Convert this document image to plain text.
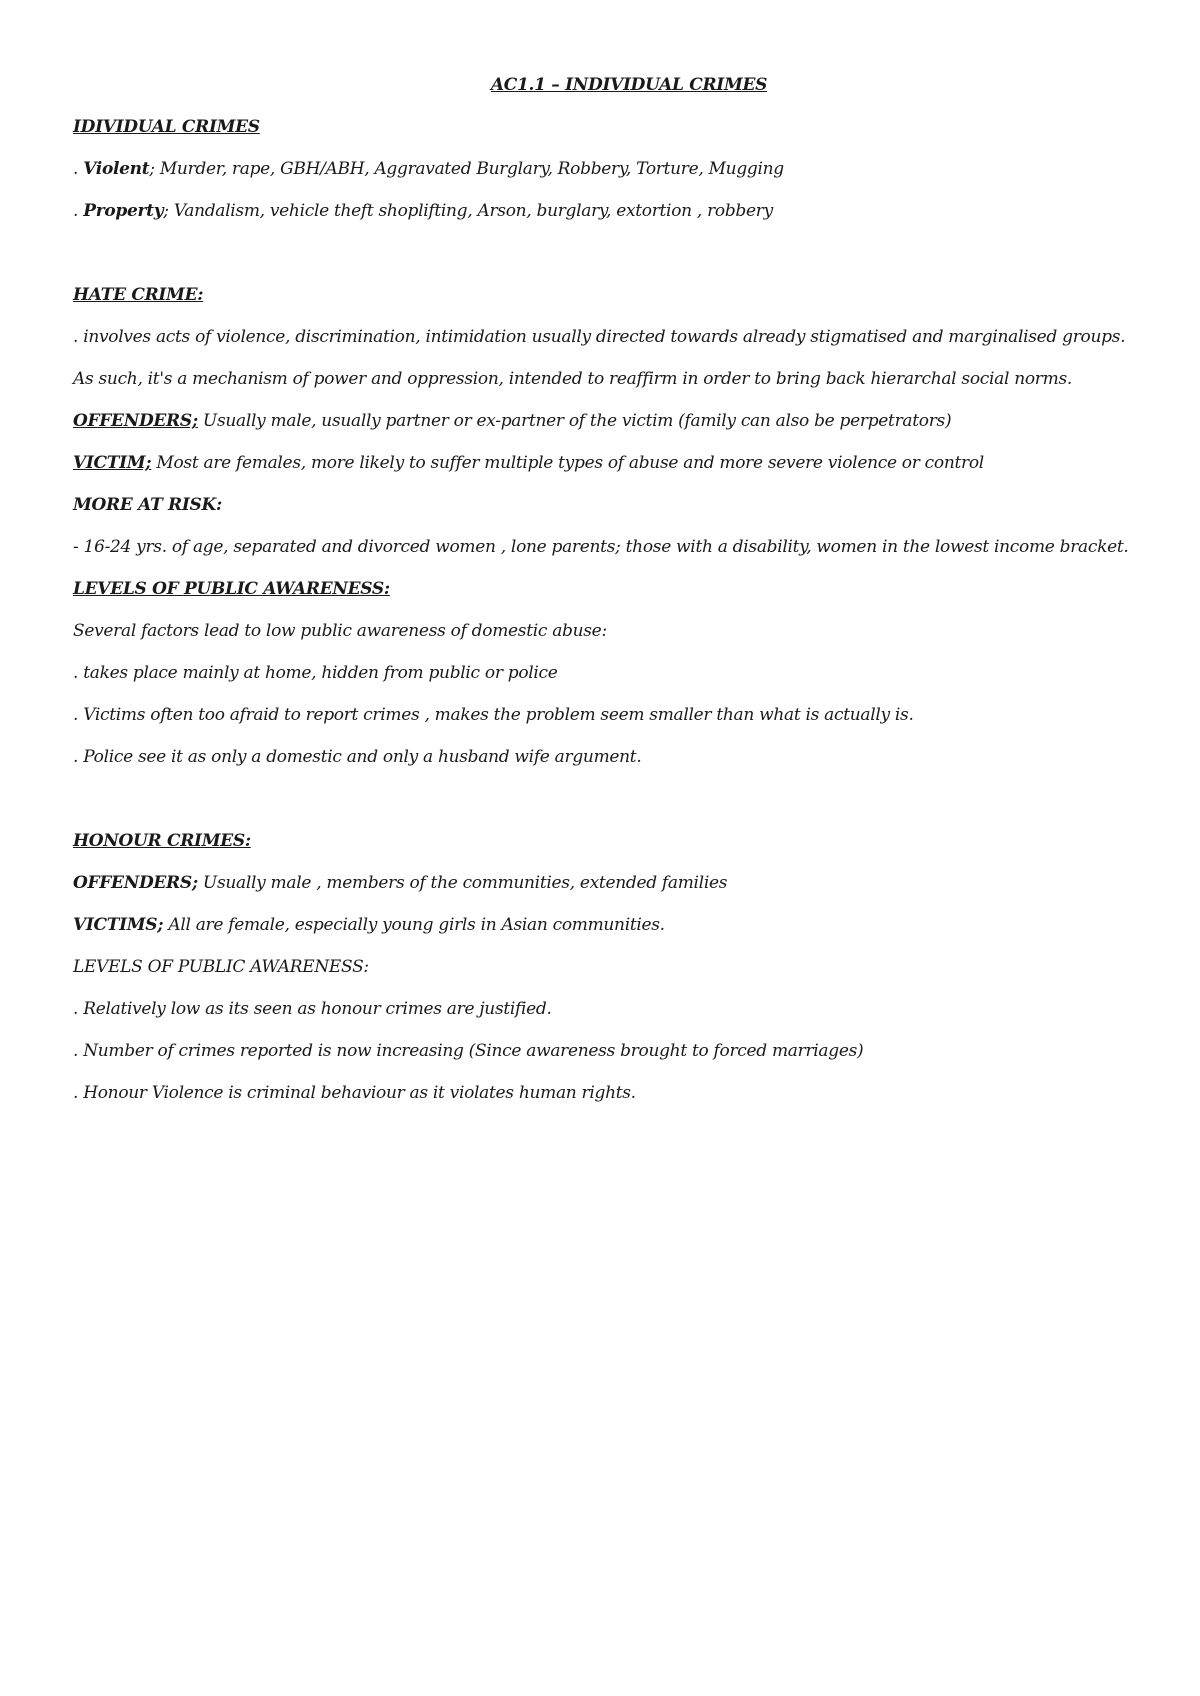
AC1.1 – INDIVIDUAL CRIMES
IDIVIDUAL CRIMES
. Violent; Murder, rape, GBH/ABH, Aggravated Burglary, Robbery, Torture, Mugging
. Property; Vandalism, vehicle theft shoplifting, Arson, burglary, extortion , robbery
HATE CRIME:
. involves acts of violence, discrimination, intimidation usually directed towards already stigmatised and marginalised groups.
As such, it's a mechanism of power and oppression, intended to reaffirm in order to bring back hierarchal social norms.
OFFENDERS; Usually male, usually partner or ex-partner of the victim (family can also be perpetrators)
VICTIM; Most are females, more likely to suffer multiple types of abuse and more severe violence or control
MORE AT RISK:
- 16-24 yrs. of age, separated and divorced women , lone parents; those with a disability, women in the lowest income bracket.
LEVELS OF PUBLIC AWARENESS:
Several factors lead to low public awareness of domestic abuse:
. takes place mainly at home, hidden from public or police
. Victims often too afraid to report crimes , makes the problem seem smaller than what is actually is.
. Police see it as only a domestic and only a husband wife argument.
HONOUR CRIMES:
OFFENDERS; Usually male , members of the communities, extended families
VICTIMS; All are female, especially young girls in Asian communities.
LEVELS OF PUBLIC AWARENESS:
. Relatively low as its seen as honour crimes are justified.
. Number of crimes reported is now increasing (Since awareness brought to forced marriages)
. Honour Violence is criminal behaviour as it violates human rights.
